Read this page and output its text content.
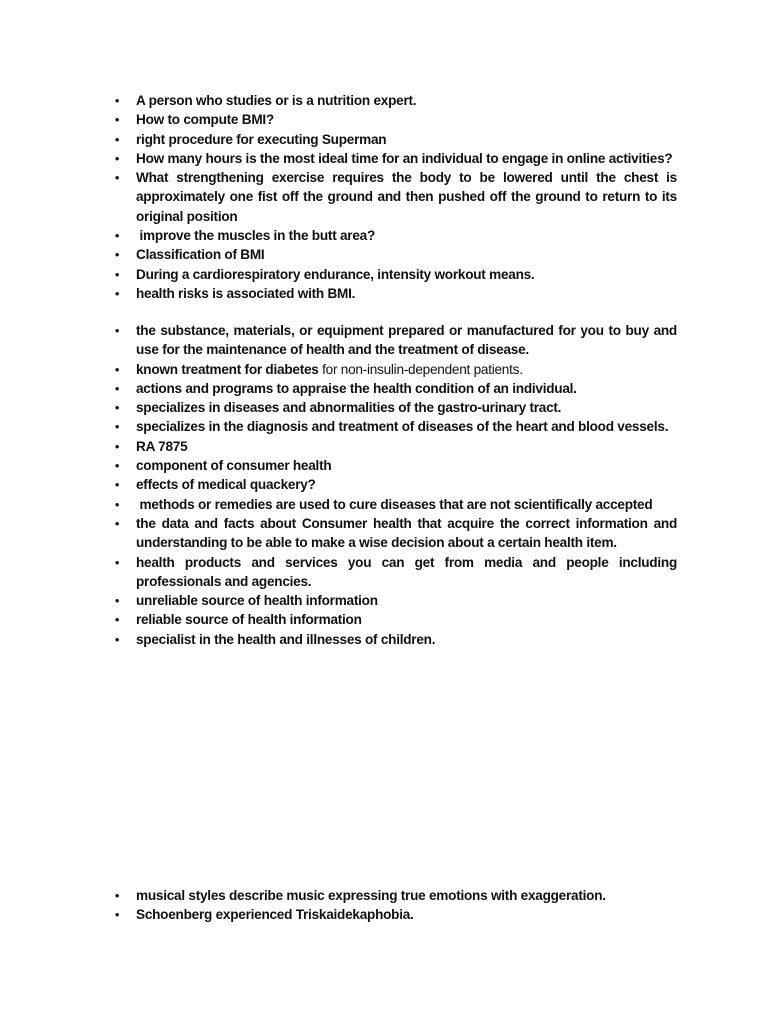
• A person who studies or is a nutrition expert.
• How to compute BMI?
• right procedure for executing Superman
• How many hours is the most ideal time for an individual to engage in online activities?
• What strengthening exercise requires the body to be lowered until the chest is approximately one fist off the ground and then pushed off the ground to return to its original position
• improve the muscles in the butt area?
• Classification of BMI
• During a cardiorespiratory endurance, intensity workout means.
• health risks is associated with BMI.
• the substance, materials, or equipment prepared or manufactured for you to buy and use for the maintenance of health and the treatment of disease.
• known treatment for diabetes for non-insulin-dependent patients.
• actions and programs to appraise the health condition of an individual.
• specializes in diseases and abnormalities of the gastro-urinary tract.
• specializes in the diagnosis and treatment of diseases of the heart and blood vessels.
• RA 7875
• component of consumer health
• effects of medical quackery?
• methods or remedies are used to cure diseases that are not scientifically accepted
• the data and facts about Consumer health that acquire the correct information and understanding to be able to make a wise decision about a certain health item.
• health products and services you can get from media and people including professionals and agencies.
• unreliable source of health information
• reliable source of health information
• specialist in the health and illnesses of children.
• musical styles describe music expressing true emotions with exaggeration.
• Schoenberg experienced Triskaidekaphobia.
